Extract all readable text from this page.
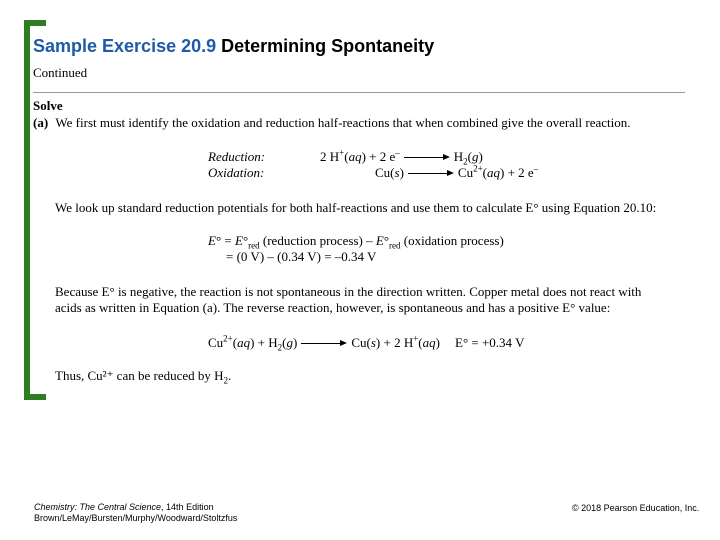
Sample Exercise 20.9 Determining Spontaneity
Continued
Solve
(a) We first must identify the oxidation and reduction half-reactions that when combined give the overall reaction.
Reduction:	2 H+(aq) + 2 e–	$H_2(g)$
Oxidation:	Cu(s)	$Cu^{2+}(aq) + 2$ e–
We look up standard reduction potentials for both half-reactions and use them to calculate E° using Equation 20.10:
$E^\circ = E^\circ_{red}$ (reduction process) – $E^\circ_{red}$ (oxidation process)
= (0 V) – (0.34 V) = –0.34 V
Because E° is negative, the reaction is not spontaneous in the direction written. Copper metal does not react with
acids as written in Equation (a). The reverse reaction, however, is spontaneous and has a positive E° value:
$Cu^{2+}(aq) + H_2(g)$	Cu(s) + 2 H+(aq) E° = +0.34 V
Thus, Cu²⁺ can be reduced by $H_2$.
Chemistry: The Central Science, 14th Edition
Brown/LeMay/Bursten/Murphy/Woodward/Stoltzfus
© 2018 Pearson Education, Inc.
